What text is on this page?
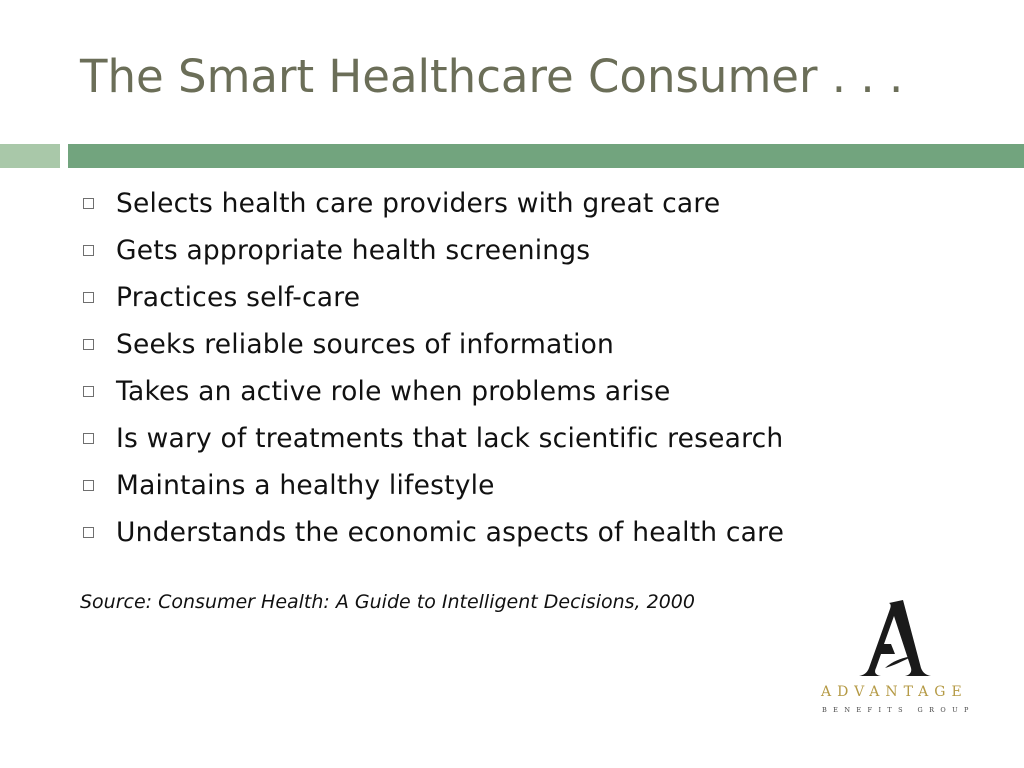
The Smart Healthcare Consumer . . .
Selects health care providers with great care
Gets appropriate health screenings
Practices self-care
Seeks reliable sources of information
Takes an active role when problems arise
Is wary of treatments that lack scientific research
Maintains a healthy lifestyle
Understands the economic aspects of health care

Source: Consumer Health: A Guide to Intelligent Decisions, 2000

ADVANTAGE
BENEFITS GROUP
